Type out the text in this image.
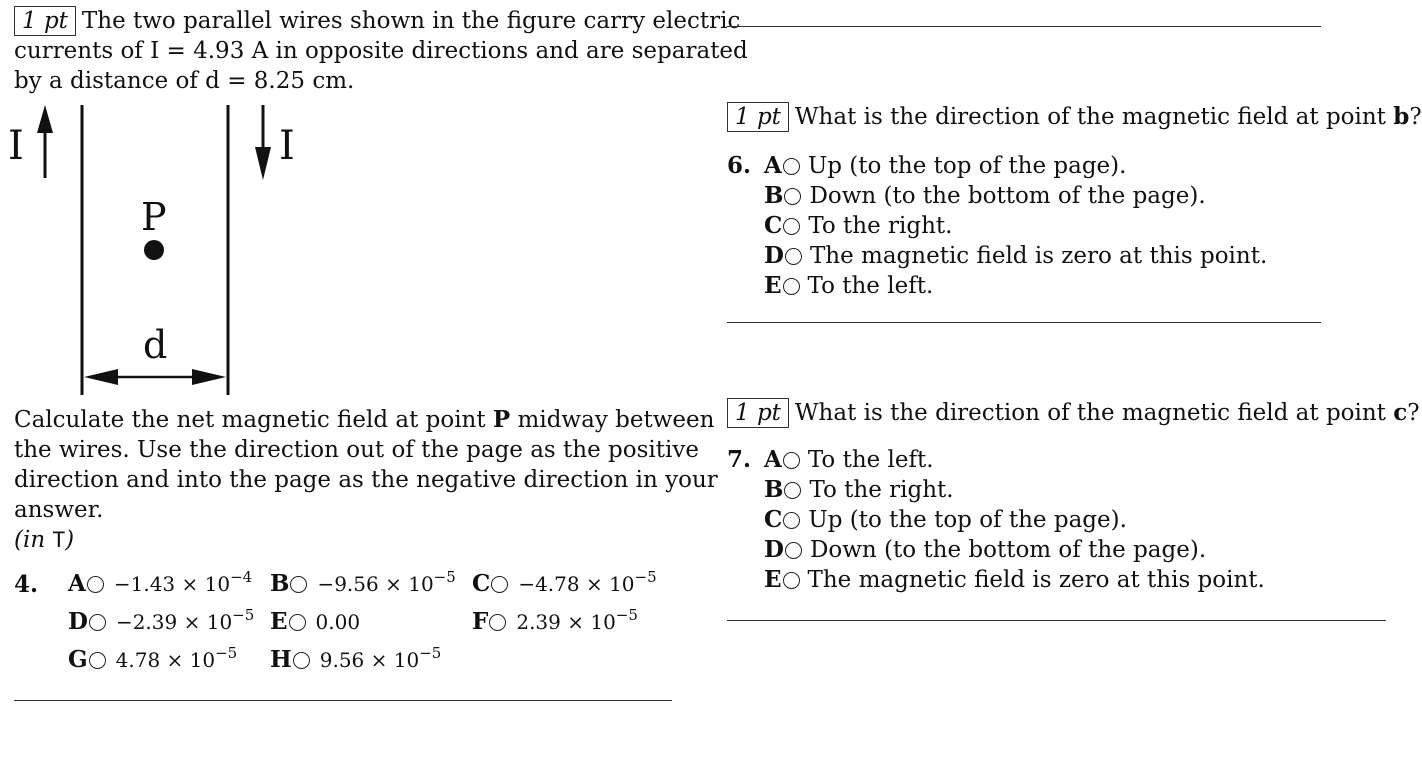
1 pt The two parallel wires shown in the figure carry electric
currents of I = 4.93 A in opposite directions and are separated
by a distance of d = 8.25 cm.
I	I
P
d
Calculate the net magnetic field at point P midway between
the wires. Use the direction out of the page as the positive
direction and into the page as the negative direction in your
answer.
(in T)
4. $A -1.43 \times 10^{-4}$ $B -9.56 \times 10^{-5}$ $C -4.78 \times 10^{-5}$
$D -2.39 \times 10^{-5}$ E 0.00	F $2.39 \times 10^{-5}$
G $4.78 \times 10^{-5}$ H $9.56 \times 10^{-5}$
1 pt What is the direction of the magnetic field at point b?
6. A Up (to the top of the page).
B Down (to the bottom of the page).
C To the right.
D The magnetic field is zero at this point.
E To the left.
1 pt What is the direction of the magnetic field at point c?
7. A To the left.
B To the right.
C Up (to the top of the page).
D Down (to the bottom of the page).
E The magnetic field is zero at this point.
